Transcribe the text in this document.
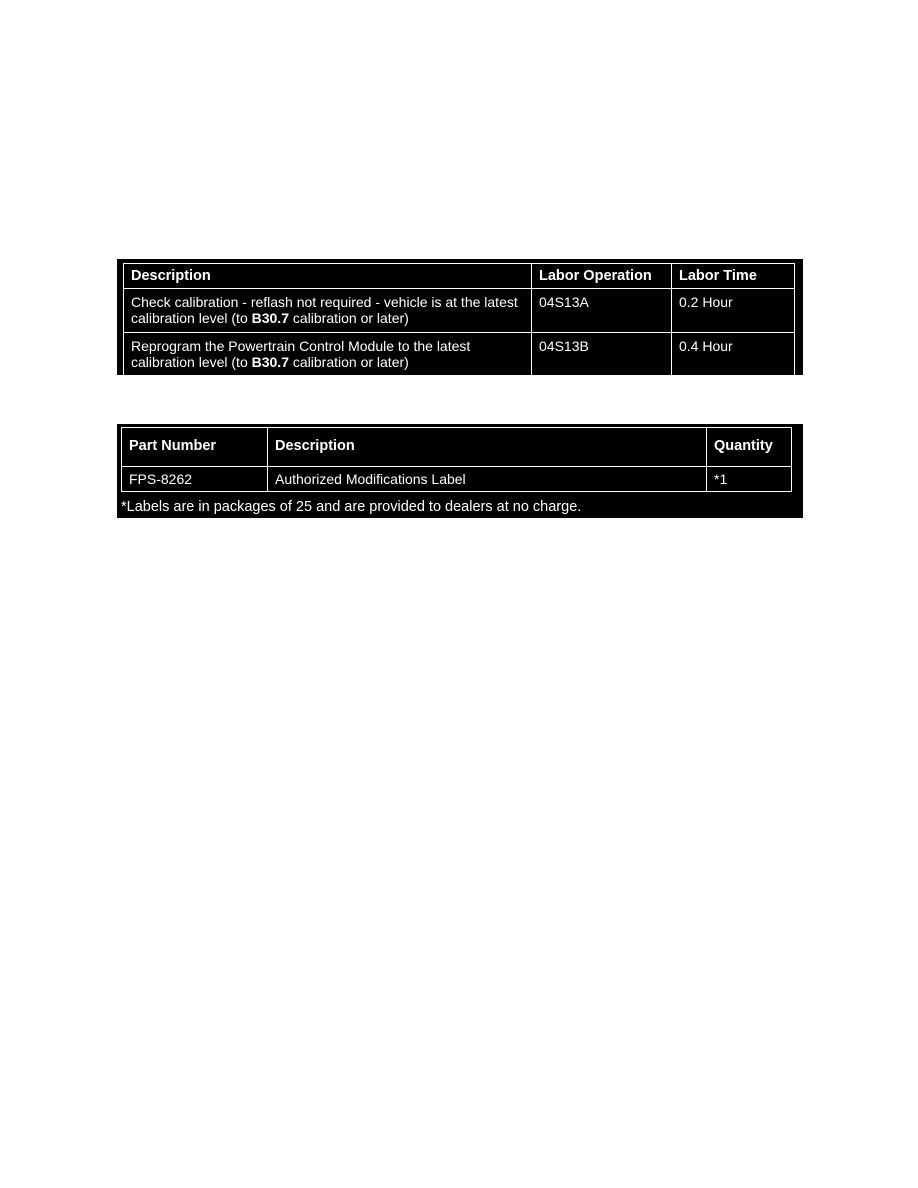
Description	Labor Operation	Labor Time
Check calibration - reflash not required - vehicle is at the latest calibration level (to B30.7 calibration or later)	04S13A	0.2 Hour
Reprogram the Powertrain Control Module to the latest calibration level (to B30.7 calibration or later)	04S13B	0.4 Hour
Part Number	Description	Quantity
FPS-8262	Authorized Modifications Label	*1
*Labels are in packages of 25 and are provided to dealers at no charge.
